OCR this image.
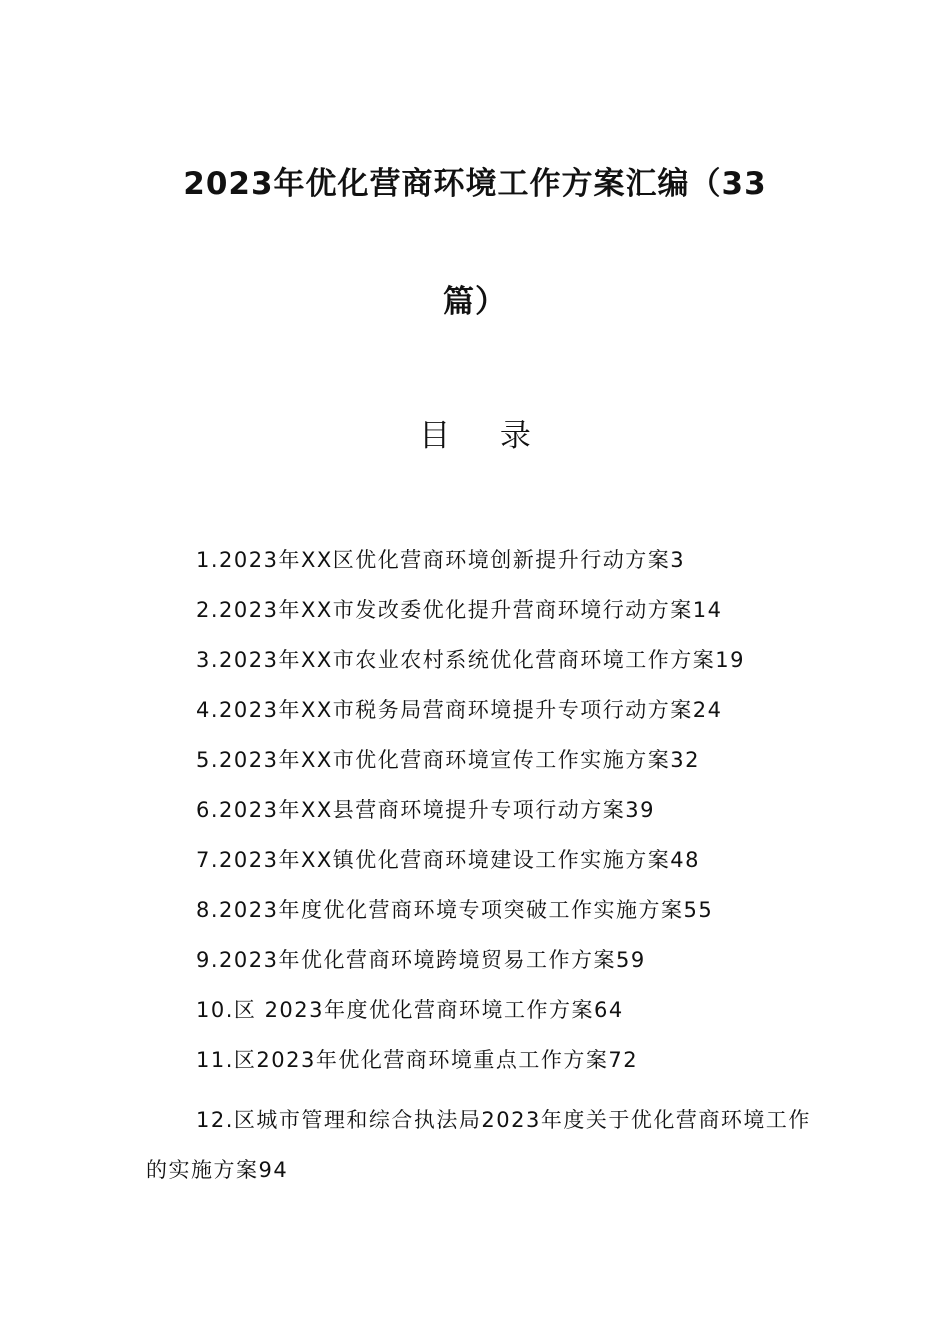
2023年优化营商环境工作方案汇编（33
篇）
目 录
1.2023年XX区优化营商环境创新提升行动方案3
2.2023年XX市发改委优化提升营商环境行动方案14
3.2023年XX市农业农村系统优化营商环境工作方案19
4.2023年XX市税务局营商环境提升专项行动方案24
5.2023年XX市优化营商环境宣传工作实施方案32
6.2023年XX县营商环境提升专项行动方案39
7.2023年XX镇优化营商环境建设工作实施方案48
8.2023年度优化营商环境专项突破工作实施方案55
9.2023年优化营商环境跨境贸易工作方案59
10.区 2023年度优化营商环境工作方案64
11.区2023年优化营商环境重点工作方案72
12.区城市管理和综合执法局2023年度关于优化营商环境工作的实施方案94
